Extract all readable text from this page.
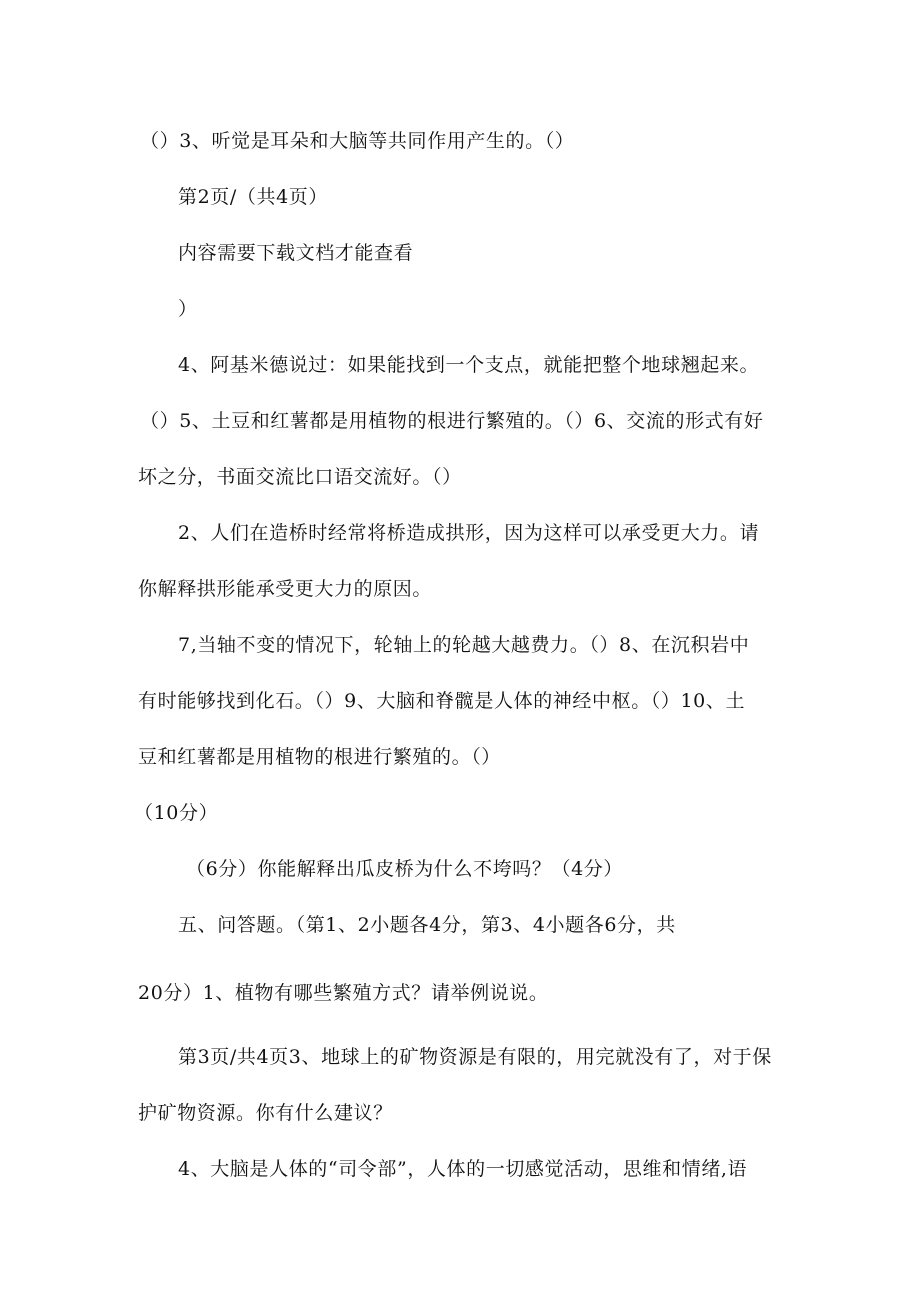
（）3、听觉是耳朵和大脑等共同作用产生的。（）
第2页/（共4页）
内容需要下载文档才能查看
）
4、阿基米德说过：如果能找到一个支点，就能把整个地球翘起来。
（）5、土豆和红薯都是用植物的根进行繁殖的。（）6、交流的形式有好
坏之分，书面交流比口语交流好。（）
2、人们在造桥时经常将桥造成拱形，因为这样可以承受更大力。请
你解释拱形能承受更大力的原因。
7,当轴不变的情况下，轮轴上的轮越大越费力。（）8、在沉积岩中
有时能够找到化石。（）9、大脑和脊髋是人体的神经中枢。（）10、土
豆和红薯都是用植物的根进行繁殖的。（）
（10分）
（6分）你能解释出瓜皮桥为什么不垮吗？（4分）
五、问答题。（第1、2小题各4分，第3、4小题各6分，共
20分）1、植物有哪些繁殖方式？请举例说说。
第3页/共4页3、地球上的矿物资源是有限的，用完就没有了，对于保
护矿物资源。你有什么建议？
4、大脑是人体的“司令部”，人体的一切感觉活动，思维和情绪,语
